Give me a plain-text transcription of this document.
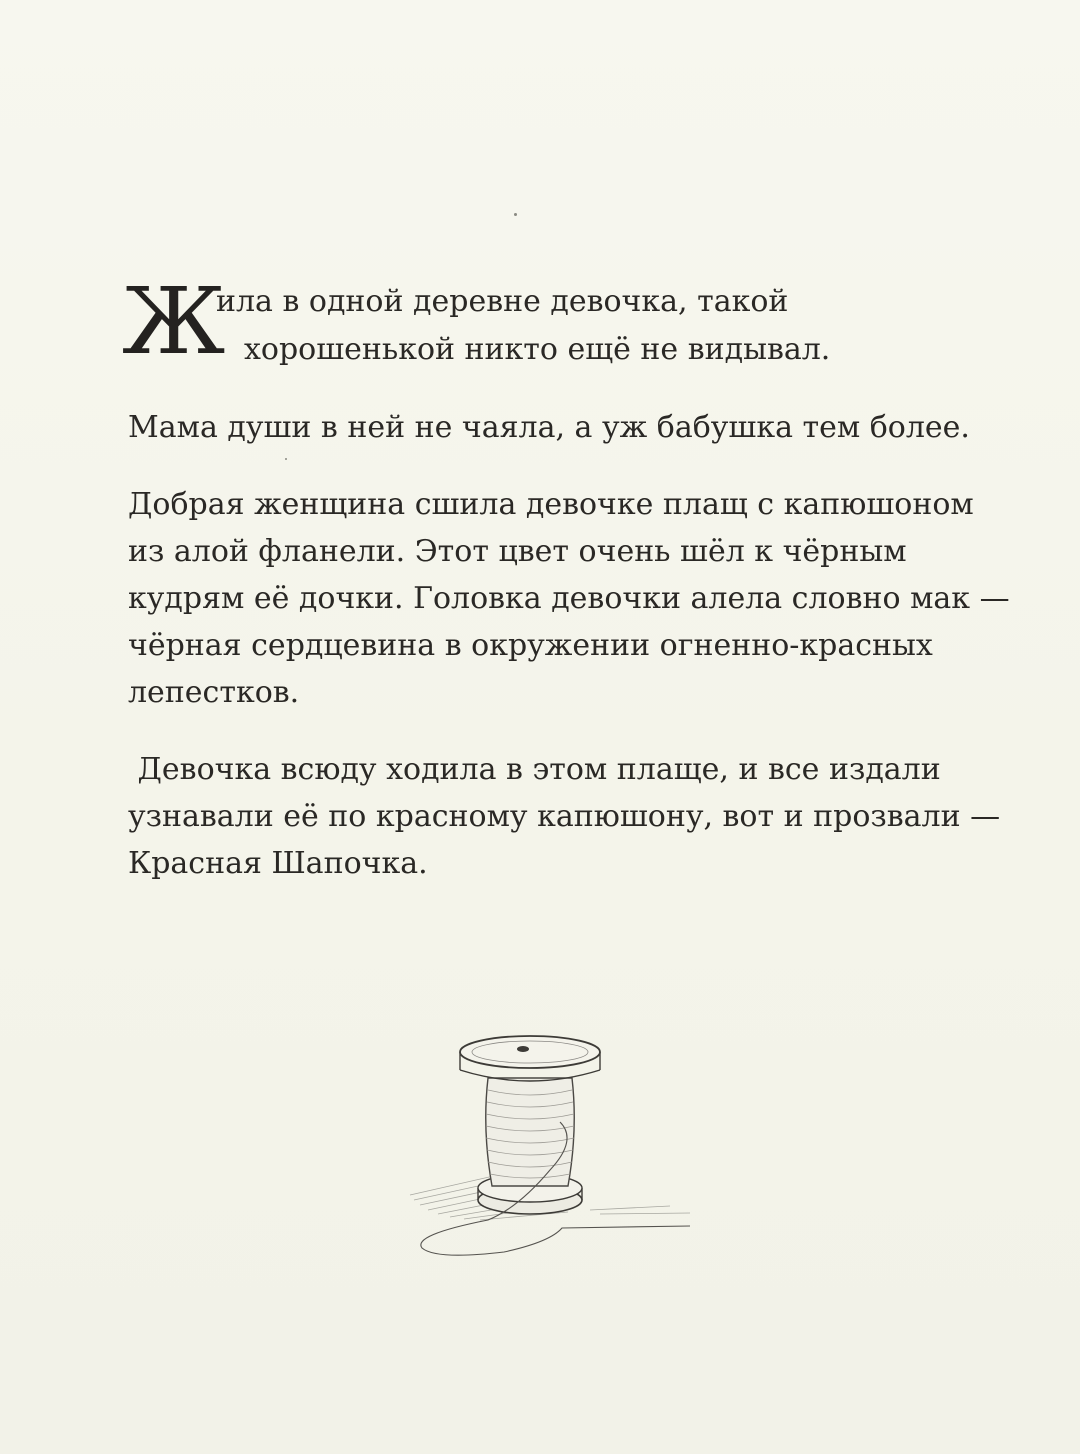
Ж
ила в одной деревне девочка, такой
хорошенькой никто ещё не видывал.

Мама души в ней не чаяла, а уж бабушка тем более.

Добрая женщина сшила девочке плащ с капюшоном
из алой фланели. Этот цвет очень шёл к чёрным
кудрям её дочки. Головка девочки алела словно мак —
чёрная сердцевина в окружении огненно-красных
лепестков.

Девочка всюду ходила в этом плаще, и все издали
узнавали её по красному капюшону, вот и прозвали —
Красная Шапочка.
